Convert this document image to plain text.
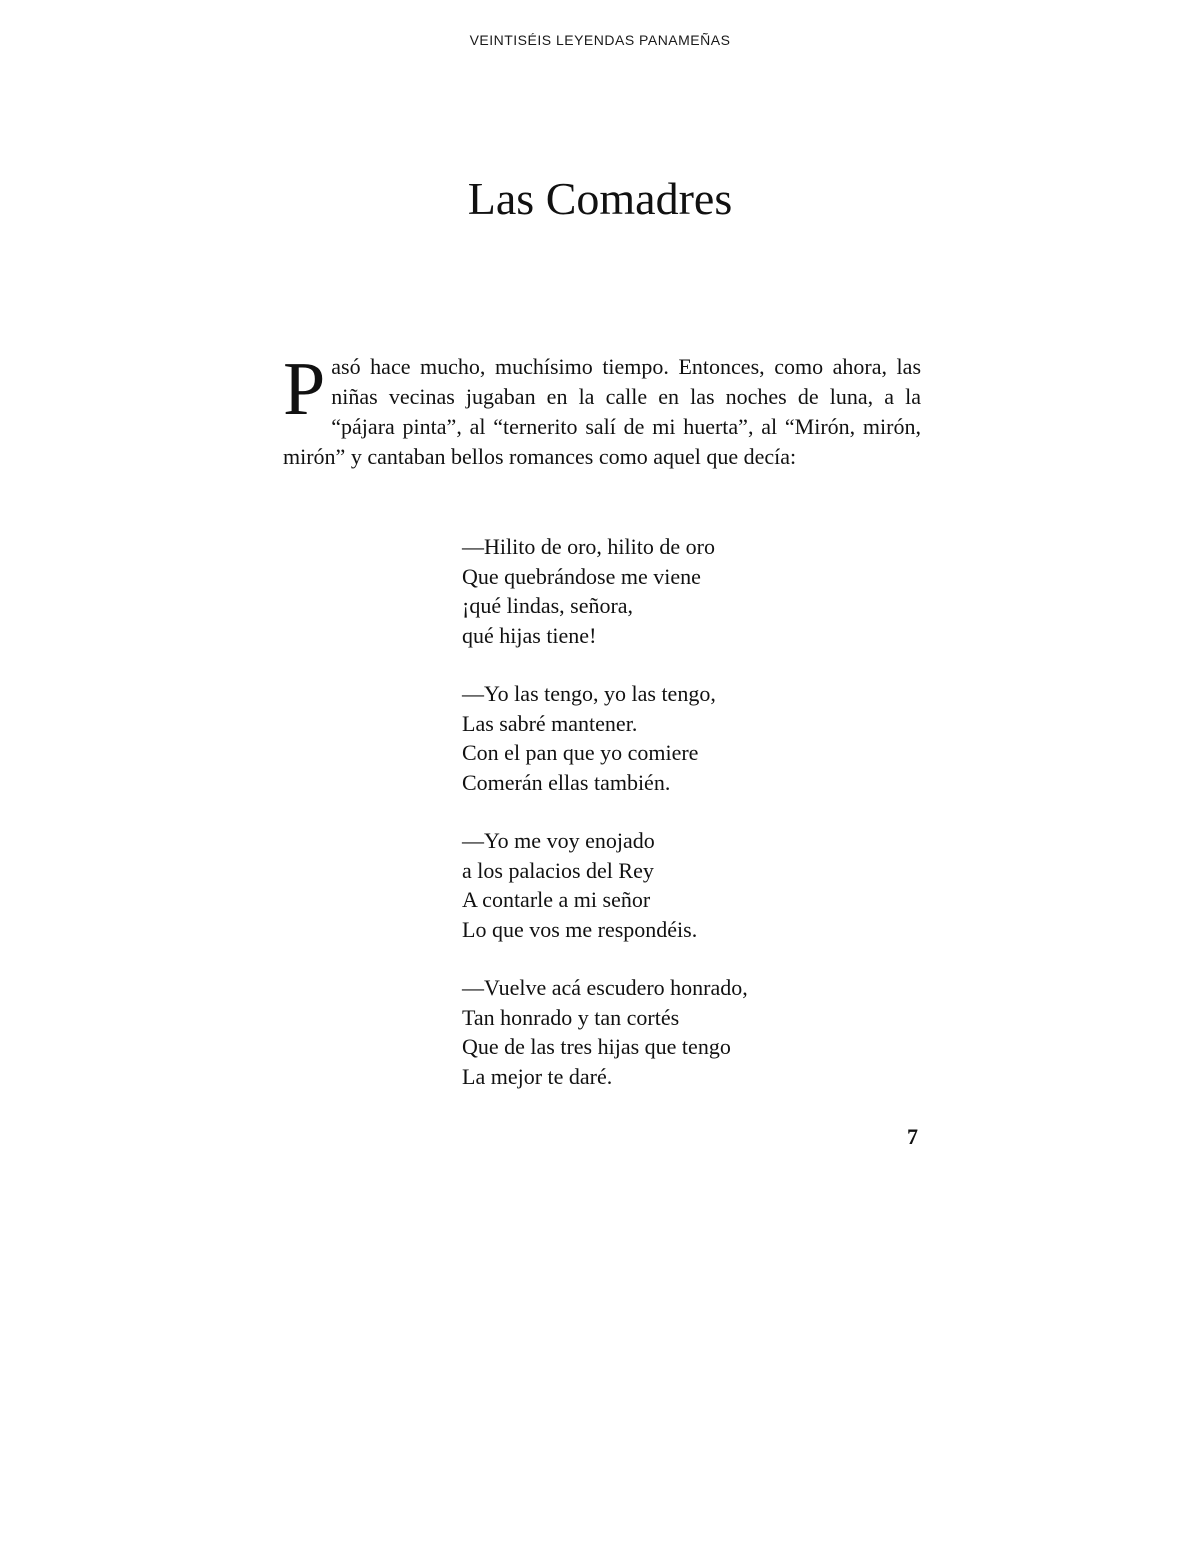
VEINTISÉIS LEYENDAS PANAMEÑAS
Las Comadres

Pasó hace mucho, muchísimo tiempo. Entonces, como ahora, las niñas vecinas jugaban en la calle en las noches de luna, a la “pájara pinta”, al “ternerito salí de mi huerta”, al “Mirón, mirón, mirón” y cantaban bellos romances como aquel que decía:

—Hilito de oro, hilito de oro
Que quebrándose me viene
¡qué lindas, señora,
qué hijas tiene!
—Yo las tengo, yo las tengo,
Las sabré mantener.
Con el pan que yo comiere
Comerán ellas también.
—Yo me voy enojado
a los palacios del Rey
A contarle a mi señor
Lo que vos me respondéis.
—Vuelve acá escudero honrado,
Tan honrado y tan cortés
Que de las tres hijas que tengo
La mejor te daré.
7
